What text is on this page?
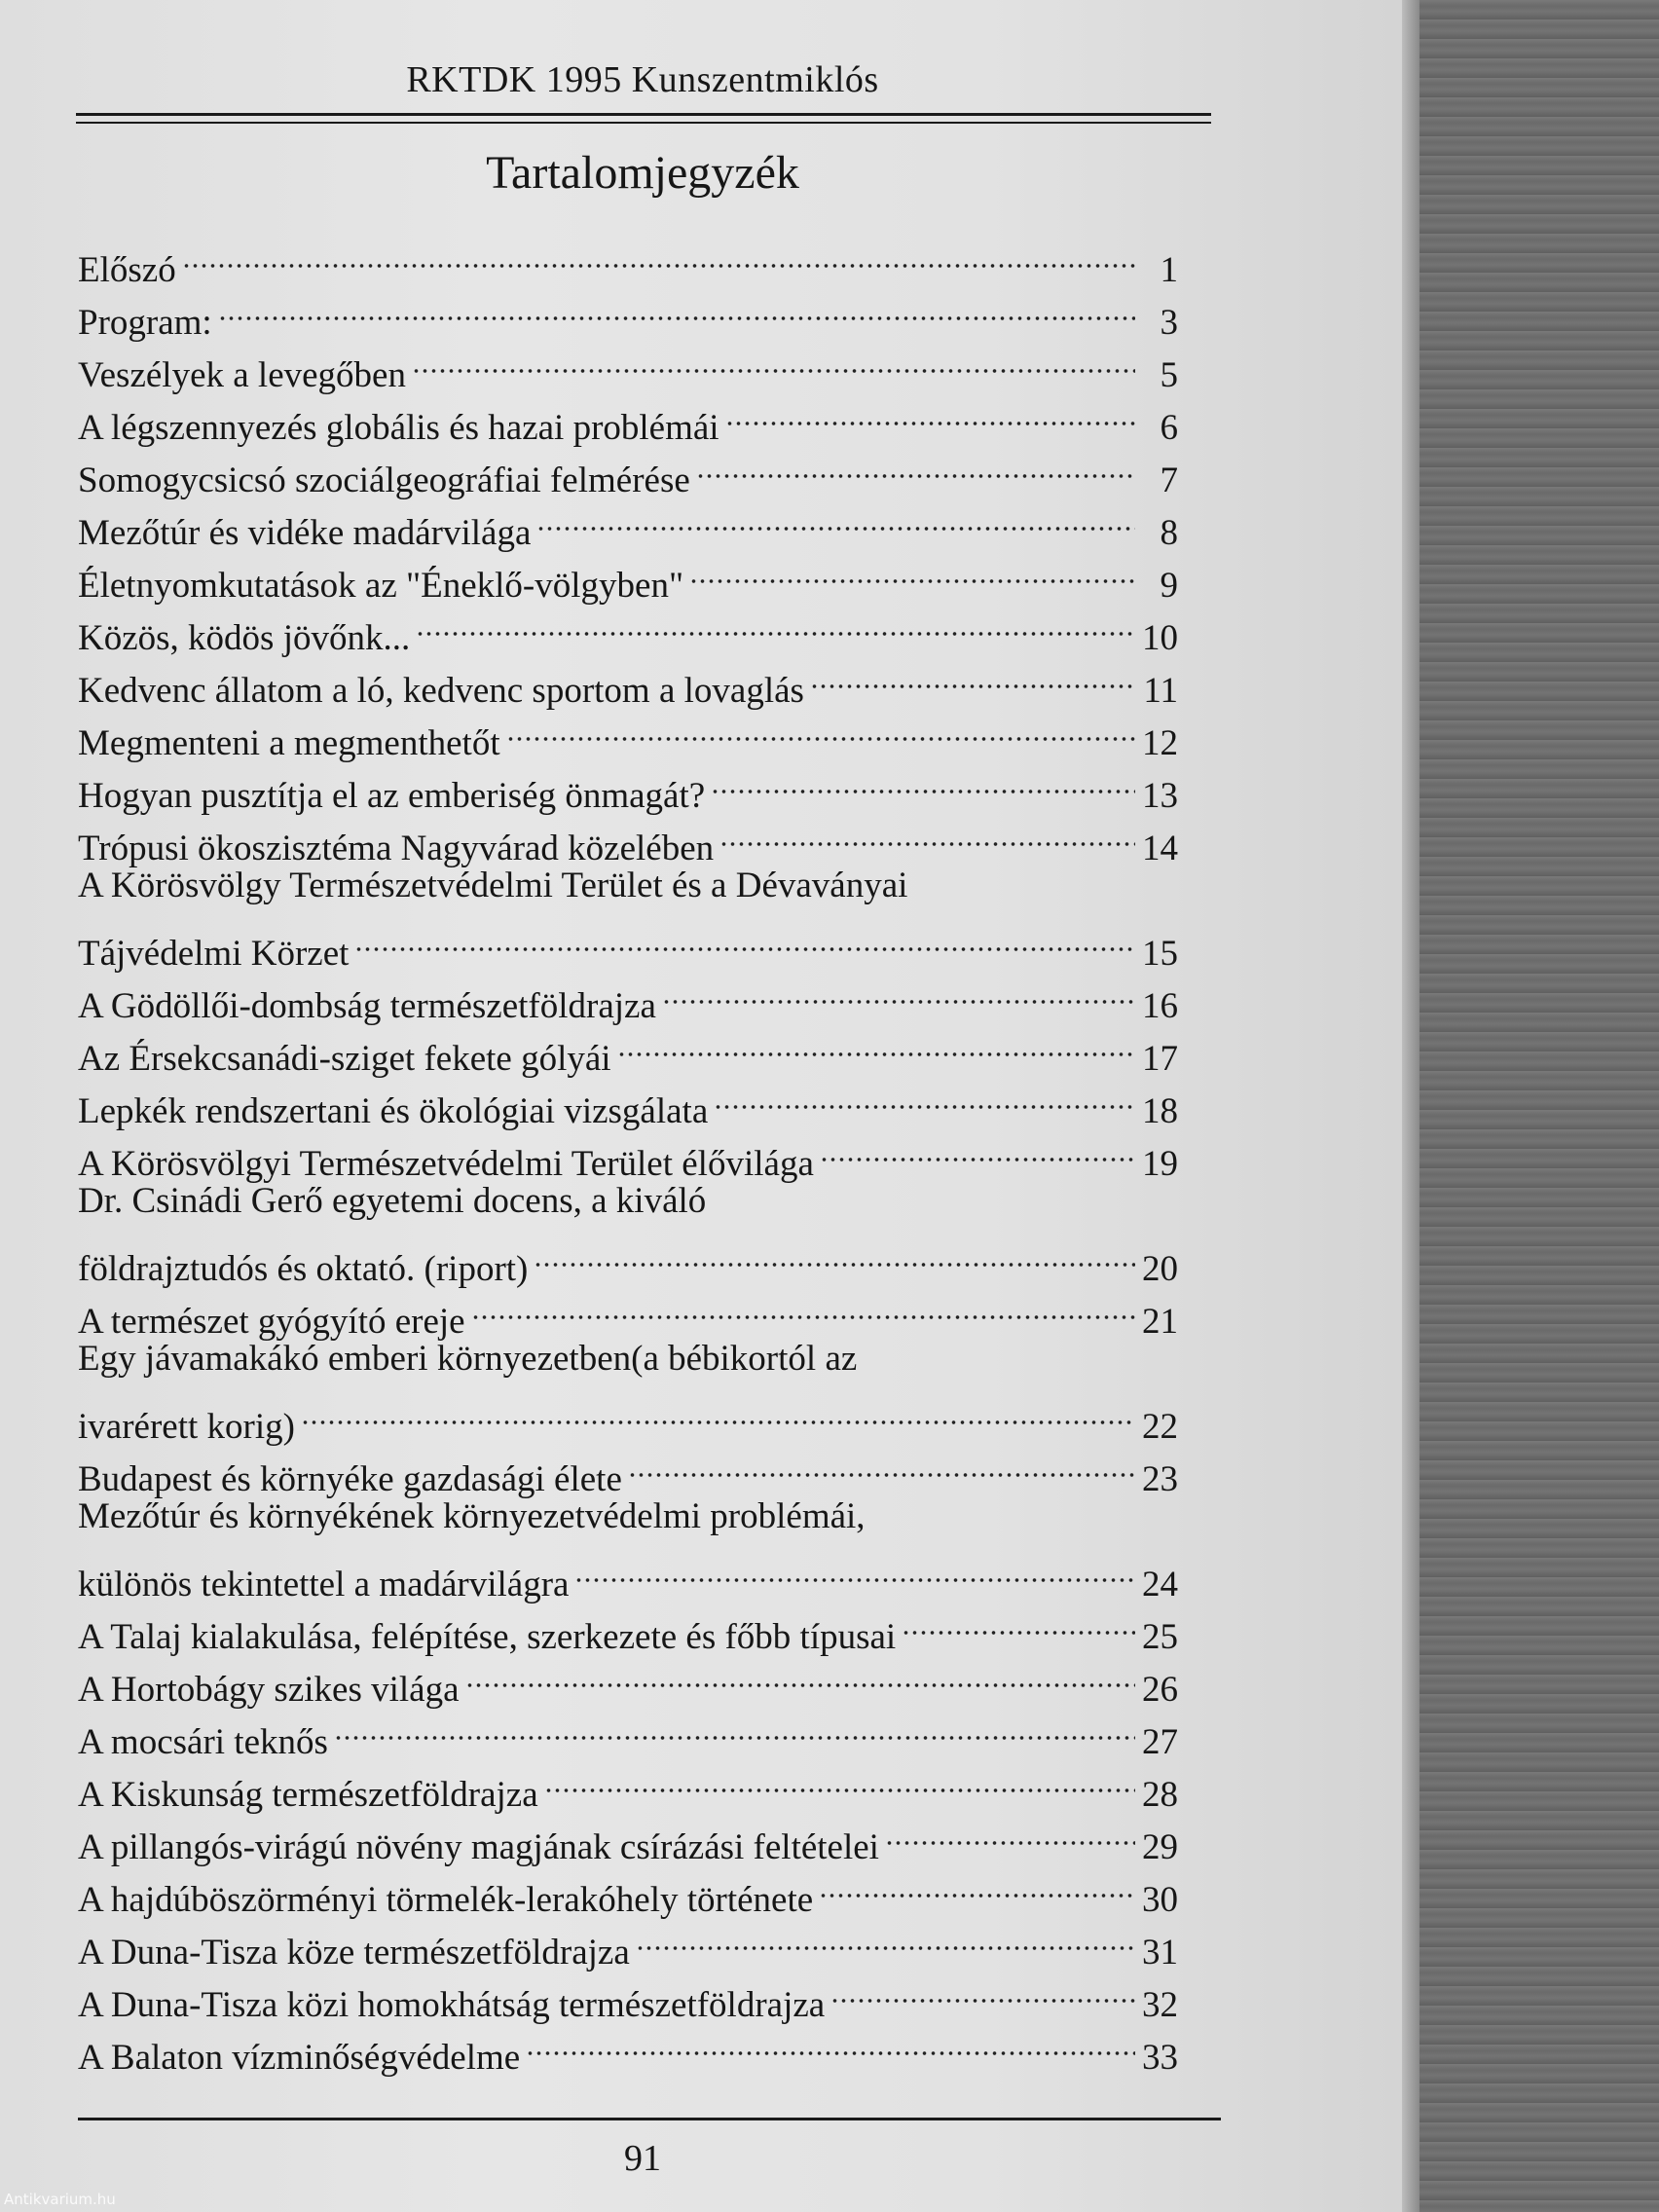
RKTDK 1995 Kunszentmiklós
Tartalomjegyzék
Előszó	1
Program:	3
Veszélyek a levegőben	5
A légszennyezés globális és hazai problémái	6
Somogycsicsó szociálgeográfiai felmérése	7
Mezőtúr és vidéke madárvilága	8
Életnyomkutatások az "Éneklő-völgyben"	9
Közös, ködös jövőnk...	10
Kedvenc állatom a ló, kedvenc sportom a lovaglás	11
Megmenteni a megmenthetőt	12
Hogyan pusztítja el az emberiség önmagát?	13
Trópusi ökoszisztéma Nagyvárad közelében	14
A Körösvölgy Természetvédelmi Terület és a Dévaványai
Tájvédelmi Körzet	15
A Gödöllői-dombság természetföldrajza	16
Az Érsekcsanádi-sziget fekete gólyái	17
Lepkék rendszertani és ökológiai vizsgálata	18
A Körösvölgyi Természetvédelmi Terület élővilága	19
Dr. Csinádi Gerő egyetemi docens, a kiváló
földrajztudós és oktató. (riport)	20
A természet gyógyító ereje	21
Egy jávamakákó emberi környezetben(a bébikortól az
ivarérett korig)	22
Budapest és környéke gazdasági élete	23
Mezőtúr és környékének környezetvédelmi problémái,
különös tekintettel a madárvilágra	24
A Talaj kialakulása, felépítése, szerkezete és főbb típusai	25
A Hortobágy szikes világa	26
A mocsári teknős	27
A Kiskunság természetföldrajza	28
A pillangós-virágú növény magjának csírázási feltételei	29
A hajdúböszörményi törmelék-lerakóhely története	30
A Duna-Tisza köze természetföldrajza	31
A Duna-Tisza közi homokhátság természetföldrajza	32
A Balaton vízminőségvédelme	33
91
Antikvarium.hu
